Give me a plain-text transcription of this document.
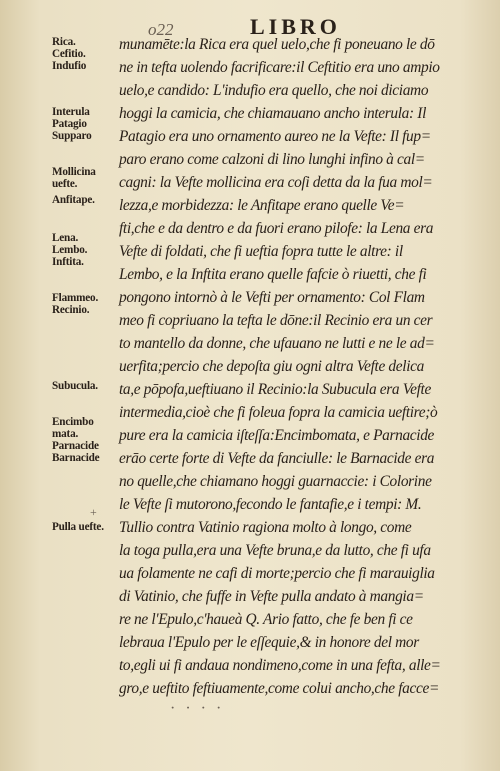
o22	LIBRO
Rica.
Cefitio.
Indufio
Interula
Patagio
Supparo
Mollicina
uefte.
Anfitape.
Lena.
Lembo.
Inftita.
Flammeo.
Recinio.
Subucula.
Encimbo
mata.
Parnacide
Barnacide
Pulla uefte.
+
munamēte:la Rica era quel uelo,che fi poneuano le dō
ne in tefta uolendo facrificare:il Ceftitio era uno ampio
uelo,e candido: L'indufio era quello, che noi diciamo
hoggi la camicia, che chiamauano ancho interula: Il
Patagio era uno ornamento aureo ne la Vefte: Il fup=
paro erano come calzoni di lino lunghi infino à cal=
cagni: la Vefte mollicina era coſi detta da la fua mol=
lezza,e morbidezza: le Anfitape erano quelle Ve=
fti,che e da dentro e da fuori erano pilofe: la Lena era
Vefte di foldati, che fi ueftia fopra tutte le altre: il
Lembo, e la Inftita erano quelle fafcie ò riuetti, che fi
pongono intornò à le Vefti per ornamento: Col Flam
meo fi copriuano la tefta le dōne:il Recinio era un cer
to mantello da donne, che ufauano ne lutti e ne le ad=
uerfita;percio che depoſta giu ogni altra Vefte delica
ta,e pōpofa,ueftiuano il Recinio:la Subucula era Vefte
intermedia,cioè che fi foleua fopra la camicia ueftire;ò
pure era la camicia iſteſſa:Encimbomata, e Parnacide
erāo certe forte di Vefte da fanciulle: le Barnacide era
no quelle,che chiamano hoggi guarnaccie: i Colorine
le Vefte ſi mutorono,fecondo le fantafie,e i tempi: M.
Tullio contra Vatinio ragiona molto à longo, come
la toga pulla,era una Vefte bruna,e da lutto, che fi ufa
ua folamente ne cafi di morte;percio che fi marauiglia
di Vatinio, che fuffe in Vefte pulla andato à mangia=
re ne l'Epulo,c'haueà Q. Ario fatto, che fe ben fi ce
lebraua l'Epulo per le eſſequie,& in honore del mor
to,egli ui fi andaua nondimeno,come in una fefta, alle=
gro,e ueftito feftiuamente,come colui ancho,che facce=
· · · ·
